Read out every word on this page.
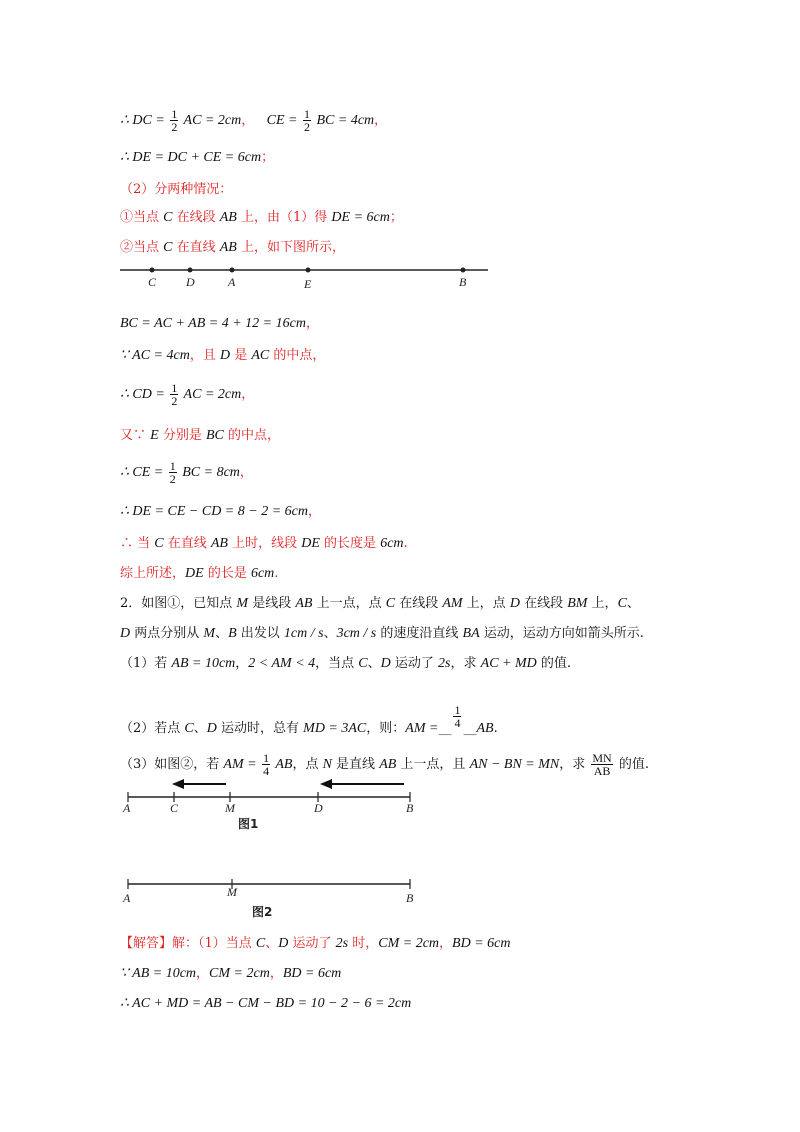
∴ DC = $\frac{1}{2}$ AC = 2cm， CE = $\frac{1}{2}$ BC = 4cm，
∴ DE = DC + CE = 6cm；
（2）分两种情况：
①当点 C 在线段 AB 上，由（1）得 DE = 6cm；
②当点 C 在直线 AB 上，如下图所示，
BC = AC + AB = 4 + 12 = 16cm，
∵ AC = 4cm，且 D 是 AC 的中点，
∴ CD = $\frac{1}{2}$ AC = 2cm，
又∵ E 分别是 BC 的中点，
∴ CE = $\frac{1}{2}$ BC = 8cm，
∴ DE = CE − CD = 8 − 2 = 6cm，
∴ 当 C 在直线 AB 上时，线段 DE 的长度是 6cm.
综上所述，DE 的长是 6cm.
2．如图①，已知点 M 是线段 AB 上一点，点 C 在线段 AM 上，点 D 在线段 BM 上，C、
D 两点分别从 M、B 出发以 1cm / s、3cm / s 的速度沿直线 BA 运动，运动方向如箭头所示.
（1）若 AB = 10cm，2 < AM < 4，当点 C、D 运动了 2s，求 AC + MD 的值.
（2）若点 C、D 运动时，总有 MD = 3AC，则：AM =__ $\frac{1}{4}$ __AB.
（3）如图②，若 AM = $\frac{1}{4}$ AB，点 N 是直线 AB 上一点，且 AN − BN = MN，求 $\frac{MN}{AB}$ 的值.
【解答】解：（1）当点 C、D 运动了 2s 时，CM = 2cm，BD = 6cm
∵ AB = 10cm，CM = 2cm，BD = 6cm
∴ AC + MD = AB − CM − BD = 10 − 2 − 6 = 2cm
C D	A	E	B
A	C	M	D	B
图1
A	M	B
图2
